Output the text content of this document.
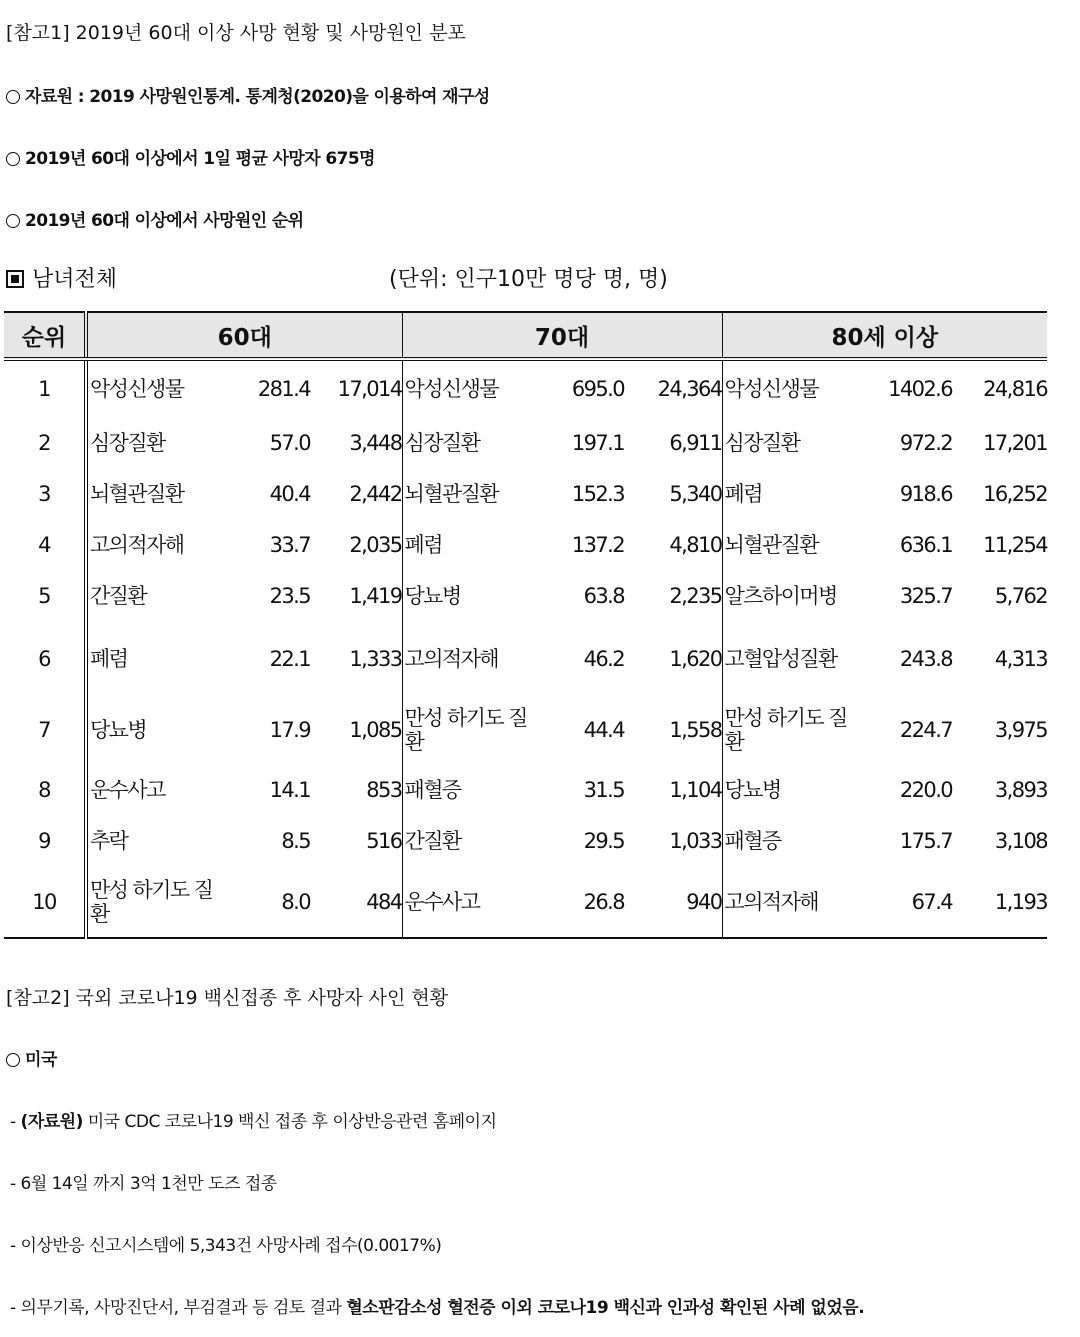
[참고1] 2019년 60대 이상 사망 현황 및 사망원인 분포
자료원 : 2019 사망원인통계. 통계청(2020)을 이용하여 재구성
2019년 60대 이상에서 1일 평균 사망자 675명
2019년 60대 이상에서 사망원인 순위
남녀전체	(단위: 인구10만 명당 명, 명)
순위	60대			70대			80세 이상		
1	악성신생물	281.4	17,014	악성신생물	695.0	24,364	악성신생물	1402.6	24,816
2	심장질환	57.0	3,448	심장질환	197.1	6,911	심장질환	972.2	17,201
3	뇌혈관질환	40.4	2,442	뇌혈관질환	152.3	5,340	폐렴	918.6	16,252
4	고의적자해	33.7	2,035	폐렴	137.2	4,810	뇌혈관질환	636.1	11,254
5	간질환	23.5	1,419	당뇨병	63.8	2,235	알츠하이머병	325.7	5,762
6	폐렴	22.1	1,333	고의적자해	46.2	1,620	고혈압성질환	243.8	4,313
7	당뇨병	17.9	1,085	만성 하기도 질환	44.4	1,558	만성 하기도 질환	224.7	3,975
8	운수사고	14.1	853	패혈증	31.5	1,104	당뇨병	220.0	3,893
9	추락	8.5	516	간질환	29.5	1,033	패혈증	175.7	3,108
10	만성 하기도 질환	8.0	484	운수사고	26.8	940	고의적자해	67.4	1,193
[참고2] 국외 코로나19 백신접종 후 사망자 사인 현황
미국
- (자료원) 미국 CDC 코로나19 백신 접종 후 이상반응관련 홈페이지
- 6월 14일 까지 3억 1천만 도즈 접종
- 이상반응 신고시스템에 5,343건 사망사례 접수(0.0017%)
- 의무기록, 사망진단서, 부검결과 등 검토 결과 혈소판감소성 혈전증 이외 코로나19 백신과 인과성 확인된 사례 없었음.
